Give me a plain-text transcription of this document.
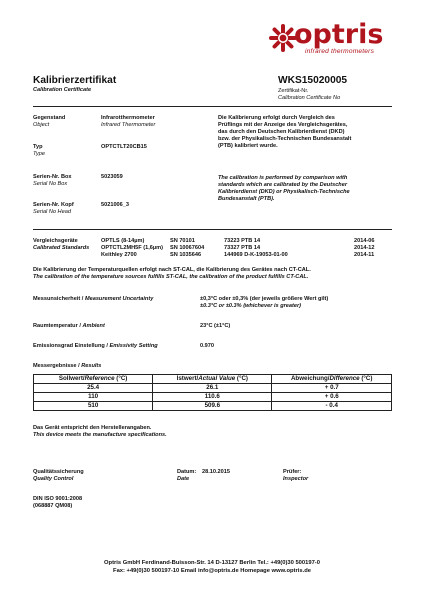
optris
infrared thermometers
Kalibrierzertifikat
Calibration Certificate
WKS15020005
Zertifikat-Nr.
Calibration Certificate No
Gegenstand
Object
Infrarotthermometer
Infrared Thermometer
Typ
Type
OPTCTLT20CB15
Serien-Nr. Box
Serial No Box
5023059
Serien-Nr. Kopf
Serial No Head
5021006_3
Die Kalibrierung erfolgt durch Vergleich des
Prüflings mit der Anzeige des Vergleichsgerätes,
das durch den Deutschen Kalibrierdienst (DKD)
bzw. der Physikalisch-Technischen Bundesanstalt
(PTB) kalibriert wurde.
The calibration is performed by comparison with
standards which are calibrated by the Deutscher
Kalibrierdienst (DKD) or Physikalisch-Technische
Bundesanstalt (PTB).
Vergleichsgeräte
Calibrated Standards
OPTLS (8-14µm)	SN 70101	73223 PTB 14	2014-06
OPTCTL2MH5F (1,6µm) SN 10067604	73327 PTB 14	2014-12
Keithley 2700	SN 1035646	144969 D-K-19053-01-00	2014-11
Die Kalibrierung der Temperaturquellen erfolgt nach ST-CAL, die Kalibrierung des Gerätes nach CT-CAL.
The calibration of the temperature sources fulfills ST-CAL, the calibration of the product fulfills CT-CAL.
Messunsicherheit / Measurement Uncertainty	±0,3°C oder ±0,3% (der jeweils größere Wert gilt)
±0.3°C or ±0.3% (whichever is greater)
Raumtemperatur / Ambient	23°C (±1°C)
Emissionsgrad Einstellung / Emissivity Setting	0.970
Messergebnisse / Results
Sollwert/Reference (°C)	Istwert/Actual Value (°C)	Abweichung/Difference (°C)
25.4	26.1	+ 0.7
110	110.6	+ 0.6
510	509.6	- 0.4
Das Gerät entspricht den Herstellerangaben.
This device meets the manufacture specifications.
Qualitätssicherung
Quality Control
Datum: 28.10.2015
Date
Prüfer:
Inspector
DIN ISO 9001:2008
(068887 QM08)
Optris GmbH Ferdinand-Buisson-Str. 14 D-13127 Berlin Tel.: +49(0)30 500197-0
Fax: +49(0)30 500197-10 Email info@optris.de Homepage www.optris.de
